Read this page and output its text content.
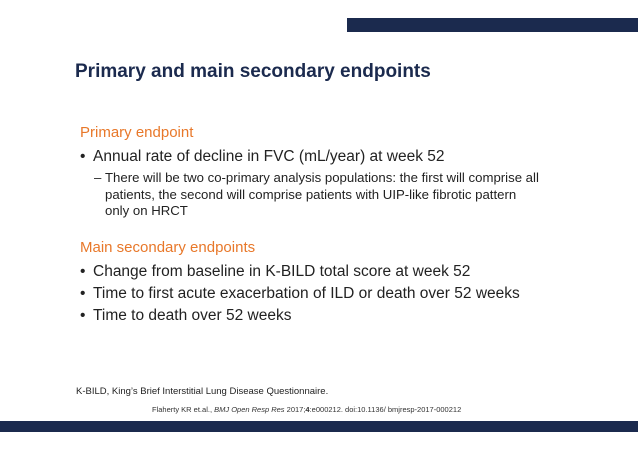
Primary and main secondary endpoints
Primary endpoint
• Annual rate of decline in FVC (mL/year) at week 52
– There will be two co-primary analysis populations: the first will comprise all
patients, the second will comprise patients with UIP-like fibrotic pattern
only on HRCT
Main secondary endpoints
• Change from baseline in K-BILD total score at week 52
• Time to first acute exacerbation of ILD or death over 52 weeks
• Time to death over 52 weeks
K-BILD, King’s Brief Interstitial Lung Disease Questionnaire.
Flaherty KR et.al., BMJ Open Resp Res 2017;4:e000212. doi:10.1136/ bmjresp-2017-000212
